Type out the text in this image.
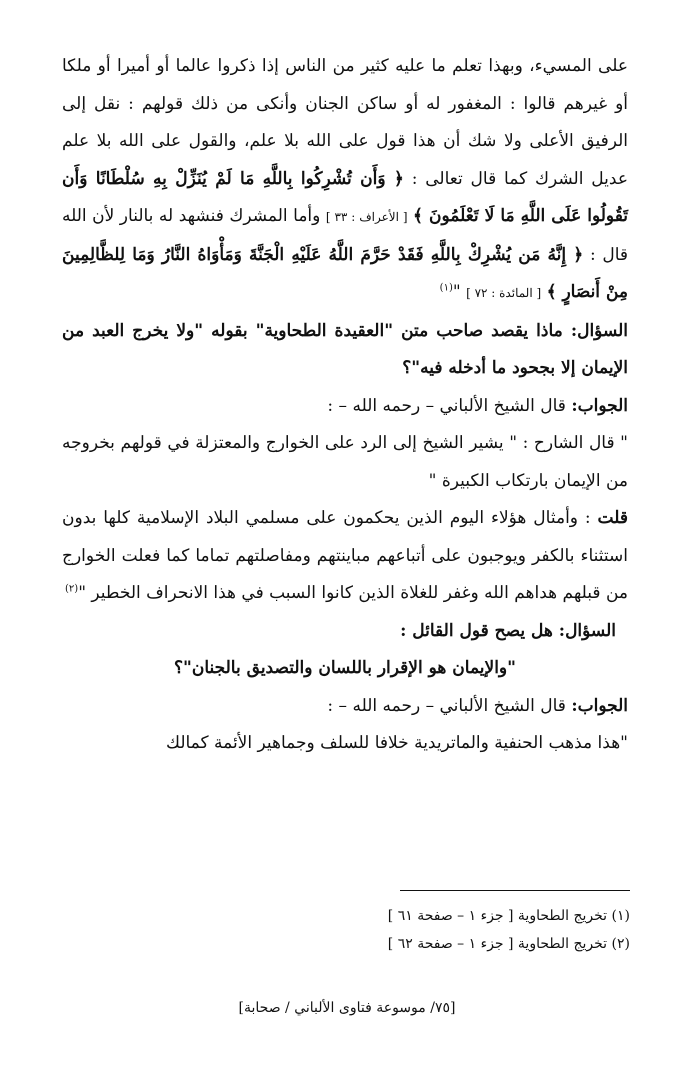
على المسيء، وبهذا تعلم ما عليه كثير من الناس إذا ذكروا عالما أو أميرا أو ملكا أو غيرهم قالوا : المغفور له أو ساكن الجنان وأنكى من ذلك قولهم : نقل إلى الرفيق الأعلى ولا شك أن هذا قول على الله بلا علم، والقول على الله بلا علم عديل الشرك كما قال تعالى : ﴿ وَأَن تُشْرِكُوا بِاللَّهِ مَا لَمْ يُنَزِّلْ بِهِ سُلْطَانًا وَأَن تَقُولُوا عَلَى اللَّهِ مَا لَا تَعْلَمُونَ ﴾ [ الأعراف : ٣٣ ] وأما المشرك فنشهد له بالنار لأن الله قال : ﴿ إِنَّهُ مَن يُشْرِكْ بِاللَّهِ فَقَدْ حَرَّمَ اللَّهُ عَلَيْهِ الْجَنَّةَ وَمَأْوَاهُ النَّارُ وَمَا لِلظَّالِمِينَ مِنْ أَنصَارٍ ﴾ [ المائدة : ٧٢ ] "$^{(١)}$

السؤال: ماذا يقصد صاحب متن "العقيدة الطحاوية" بقوله "ولا يخرج العبد من الإيمان إلا بجحود ما أدخله فيه"؟

الجواب: قال الشيخ الألباني – رحمه الله – :

" قال الشارح : " يشير الشيخ إلى الرد على الخوارج والمعتزلة في قولهم بخروجه من الإيمان بارتكاب الكبيرة "

قلت : وأمثال هؤلاء اليوم الذين يحكمون على مسلمي البلاد الإسلامية كلها بدون استثناء بالكفر ويوجبون على أتباعهم مباينتهم ومفاصلتهم تماما كما فعلت الخوارج من قبلهم هداهم الله وغفر للغلاة الذين كانوا السبب في هذا الانحراف الخطير "$^{(٢)}$

السؤال: هل يصح قول القائل :

"والإيمان هو الإقرار باللسان والتصديق بالجنان"؟

الجواب: قال الشيخ الألباني – رحمه الله – :

"هذا مذهب الحنفية والماتريدية خلافا للسلف وجماهير الأئمة كمالك

(١) تخريج الطحاوية [ جزء ١ – صفحة ٦١ ]
(٢) تخريج الطحاوية [ جزء ١ – صفحة ٦٢ ]
[٧٥/ موسوعة فتاوى الألباني / صحابة]
